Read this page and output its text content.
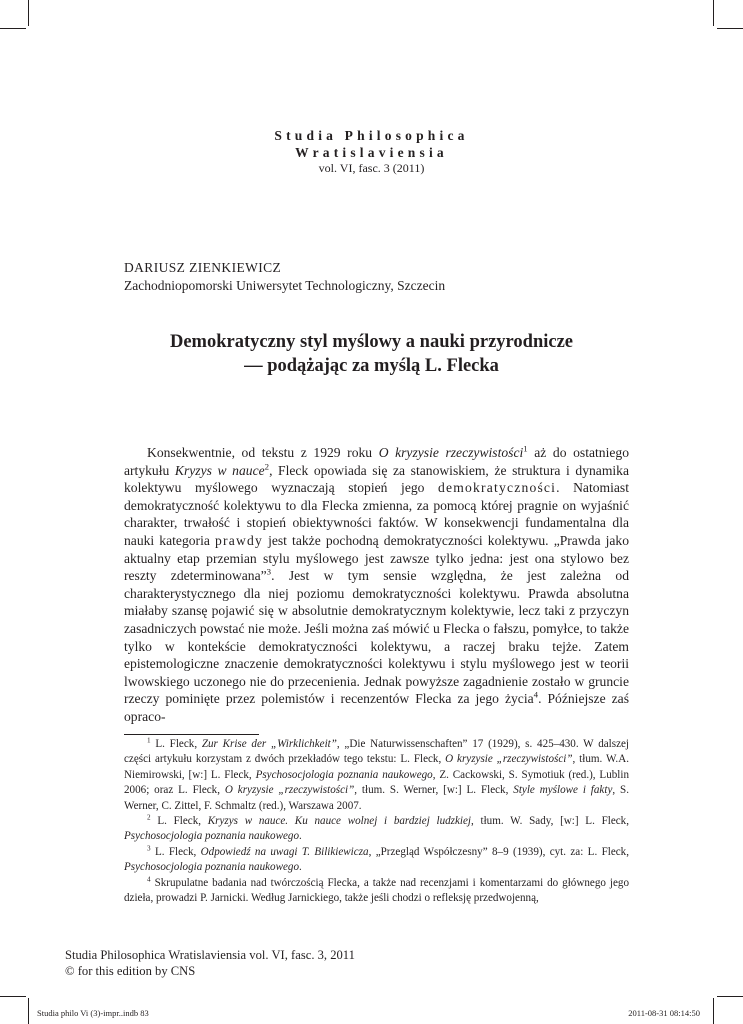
Studia Philosophica
Wratislaviensia
vol. VI, fasc. 3 (2011)
DARIUSZ ZIENKIEWICZ
Zachodniopomorski Uniwersytet Technologiczny, Szczecin
Demokratyczny styl myślowy a nauki przyrodnicze
— podążając za myślą L. Flecka

Konsekwentnie, od tekstu z 1929 roku O kryzysie rzeczywistości$^1$ aż do ostatniego artykułu Kryzys w nauce$^2$, Fleck opowiada się za stanowiskiem, że struktura i dynamika kolektywu myślowego wyznaczają stopień jego demokratyczności. Natomiast demokratyczność kolektywu to dla Flecka zmienna, za pomocą której pragnie on wyjaśnić charakter, trwałość i stopień obiektywności faktów. W konsekwencji fundamentalna dla nauki kategoria prawdy jest także pochodną demokratyczności kolektywu. „Prawda jako aktualny etap przemian stylu myślowego jest zawsze tylko jedna: jest ona stylowo bez reszty zdeterminowana”$^3$. Jest w tym sensie względna, że jest zależna od charakterystycznego dla niej poziomu demokratyczności kolektywu. Prawda absolutna miałaby szansę pojawić się w absolutnie demokratycznym kolektywie, lecz taki z przyczyn zasadniczych powstać nie może. Jeśli można zaś mówić u Flecka o fałszu, pomyłce, to także tylko w kontekście demokratyczności kolektywu, a raczej braku tejże. Zatem epistemologiczne znaczenie demokratyczności kolektywu i stylu myślowego jest w teorii lwowskiego uczonego nie do przecenienia. Jednak powyższe zagadnienie zostało w gruncie rzeczy pominięte przez polemistów i recenzentów Flecka za jego życia$^4$. Późniejsze zaś opraco-

$^1$ L. Fleck, Zur Krise der „Wirklichkeit”, „Die Naturwissenschaften” 17 (1929), s. 425–430. W dalszej części artykułu korzystam z dwóch przekładów tego tekstu: L. Fleck, O kryzysie „rzeczywistości”, tłum. W.A. Niemirowski, [w:] L. Fleck, Psychosocjologia poznania naukowego, Z. Cackowski, S. Symotiuk (red.), Lublin 2006; oraz L. Fleck, O kryzysie „rzeczywistości”, tłum. S. Werner, [w:] L. Fleck, Style myślowe i fakty, S. Werner, C. Zittel, F. Schmaltz (red.), Warszawa 2007.

$^2$ L. Fleck, Kryzys w nauce. Ku nauce wolnej i bardziej ludzkiej, tłum. W. Sady, [w:] L. Fleck, Psychosocjologia poznania naukowego.

$^3$ L. Fleck, Odpowiedź na uwagi T. Bilikiewicza, „Przegląd Współczesny” 8–9 (1939), cyt. za: L. Fleck, Psychosocjologia poznania naukowego.

$^4$ Skrupulatne badania nad twórczością Flecka, a także nad recenzjami i komentarzami do głównego jego dzieła, prowadzi P. Jarnicki. Według Jarnickiego, także jeśli chodzi o refleksję przedwojenną,

Studia Philosophica Wratislaviensia vol. VI, fasc. 3, 2011
© for this edition by CNS
Studia philo Vi (3)-impr..indb 83	2011-08-31 08:14:50
